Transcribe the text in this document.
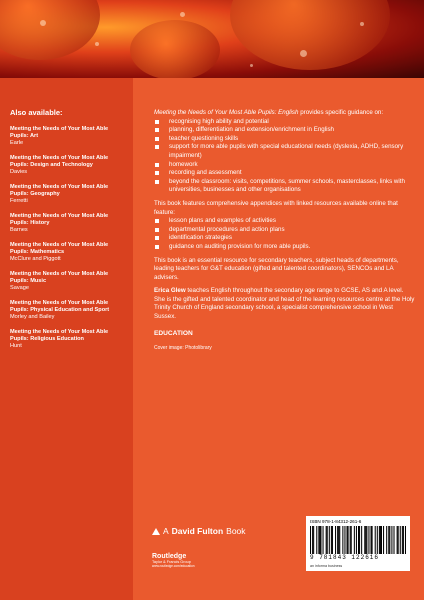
Also available:
Meeting the Needs of Your Most Able Pupils: Art
Earle
Meeting the Needs of Your Most Able Pupils: Design and Technology
Davies
Meeting the Needs of Your Most Able Pupils: Geography
Ferretti
Meeting the Needs of Your Most Able Pupils: History
Barnes
Meeting the Needs of Your Most Able Pupils: Mathematics
McClure and Piggott
Meeting the Needs of Your Most Able Pupils: Music
Savage
Meeting the Needs of Your Most Able Pupils: Physical Education and Sport
Morley and Bailey
Meeting the Needs of Your Most Able Pupils: Religious Education
Hunt

Meeting the Needs of Your Most Able Pupils: English provides specific guidance on:

recognising high ability and potential
planning, differentiation and extension/enrichment in English
teacher questioning skills
support for more able pupils with special educational needs (dyslexia, ADHD, sensory impairment)
homework
recording and assessment
beyond the classroom: visits, competitions, summer schools, masterclasses, links with universities, businesses and other organisations

This book features comprehensive appendices with linked resources available online that feature:

lesson plans and examples of activities
departmental procedures and action plans
identification strategies
guidance on auditing provision for more able pupils.

This book is an essential resource for secondary teachers, subject heads of departments, leading teachers for G&T education (gifted and talented coordinators), SENCOs and LA advisers.

Erica Glew teaches English throughout the secondary age range to GCSE, AS and A level. She is the gifted and talented coordinator and head of the learning resources centre at the Holy Trinity Church of England secondary school, a specialist comprehensive school in West Sussex.

EDUCATION
Cover image: Photolibrary
A David Fulton Book
Routledge
Taylor & Francis Group
www.routledge.com/education
ISBN 978-1-84312-261-6
9 781843 122616
an informa business
